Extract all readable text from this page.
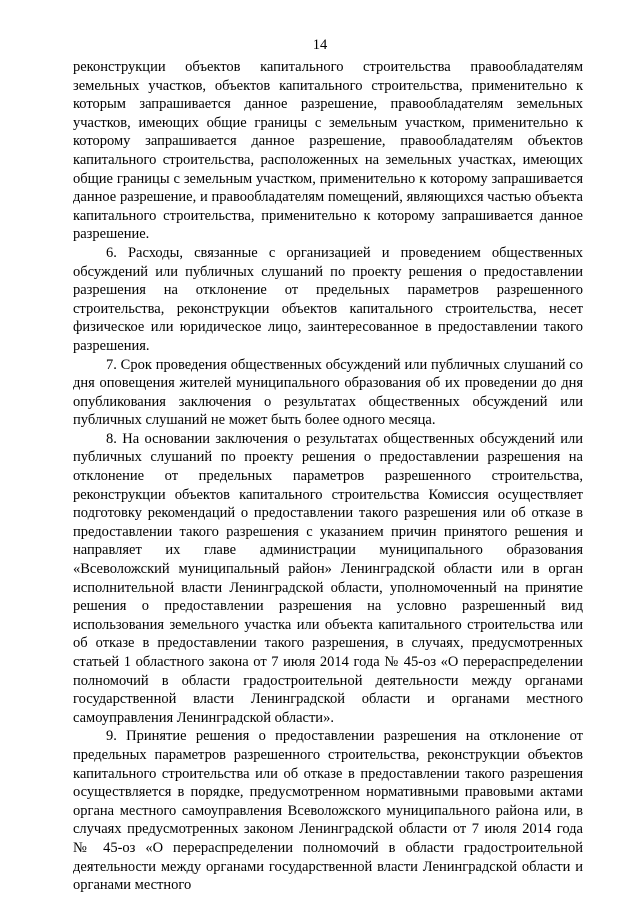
14

реконструкции объектов капитального строительства правообладателям земельных участков, объектов капитального строительства, применительно к которым запрашивается данное разрешение, правообладателям земельных участков, имеющих общие границы с земельным участком, применительно к которому запрашивается данное разрешение, правообладателям объектов капитального строительства, расположенных на земельных участках, имеющих общие границы с земельным участком, применительно к которому запрашивается данное разрешение, и правообладателям помещений, являющихся частью объекта капитального строительства, применительно к которому запрашивается данное разрешение.

6. Расходы, связанные с организацией и проведением общественных обсуждений или публичных слушаний по проекту решения о предоставлении разрешения на отклонение от предельных параметров разрешенного строительства, реконструкции объектов капитального строительства, несет физическое или юридическое лицо, заинтересованное в предоставлении такого разрешения.

7. Срок проведения общественных обсуждений или публичных слушаний со дня оповещения жителей муниципального образования об их проведении до дня опубликования заключения о результатах общественных обсуждений или публичных слушаний не может быть более одного месяца.

8. На основании заключения о результатах общественных обсуждений или публичных слушаний по проекту решения о предоставлении разрешения на отклонение от предельных параметров разрешенного строительства, реконструкции объектов капитального строительства Комиссия осуществляет подготовку рекомендаций о предоставлении такого разрешения или об отказе в предоставлении такого разрешения с указанием причин принятого решения и направляет их главе администрации муниципального образования «Всеволожский муниципальный район» Ленинградской области или в орган исполнительной власти Ленинградской области, уполномоченный на принятие решения о предоставлении разрешения на условно разрешенный вид использования земельного участка или объекта капитального строительства или об отказе в предоставлении такого разрешения, в случаях, предусмотренных статьей 1 областного закона от 7 июля 2014 года № 45-оз «О перераспределении полномочий в области градостроительной деятельности между органами государственной власти Ленинградской области и органами местного самоуправления Ленинградской области».

9. Принятие решения о предоставлении разрешения на отклонение от предельных параметров разрешенного строительства, реконструкции объектов капитального строительства или об отказе в предоставлении такого разрешения осуществляется в порядке, предусмотренном нормативными правовыми актами органа местного самоуправления Всеволожского муниципального района или, в случаях предусмотренных законом Ленинградской области от 7 июля 2014 года № 45-оз «О перераспределении полномочий в области градостроительной деятельности между органами государственной власти Ленинградской области и органами местного
